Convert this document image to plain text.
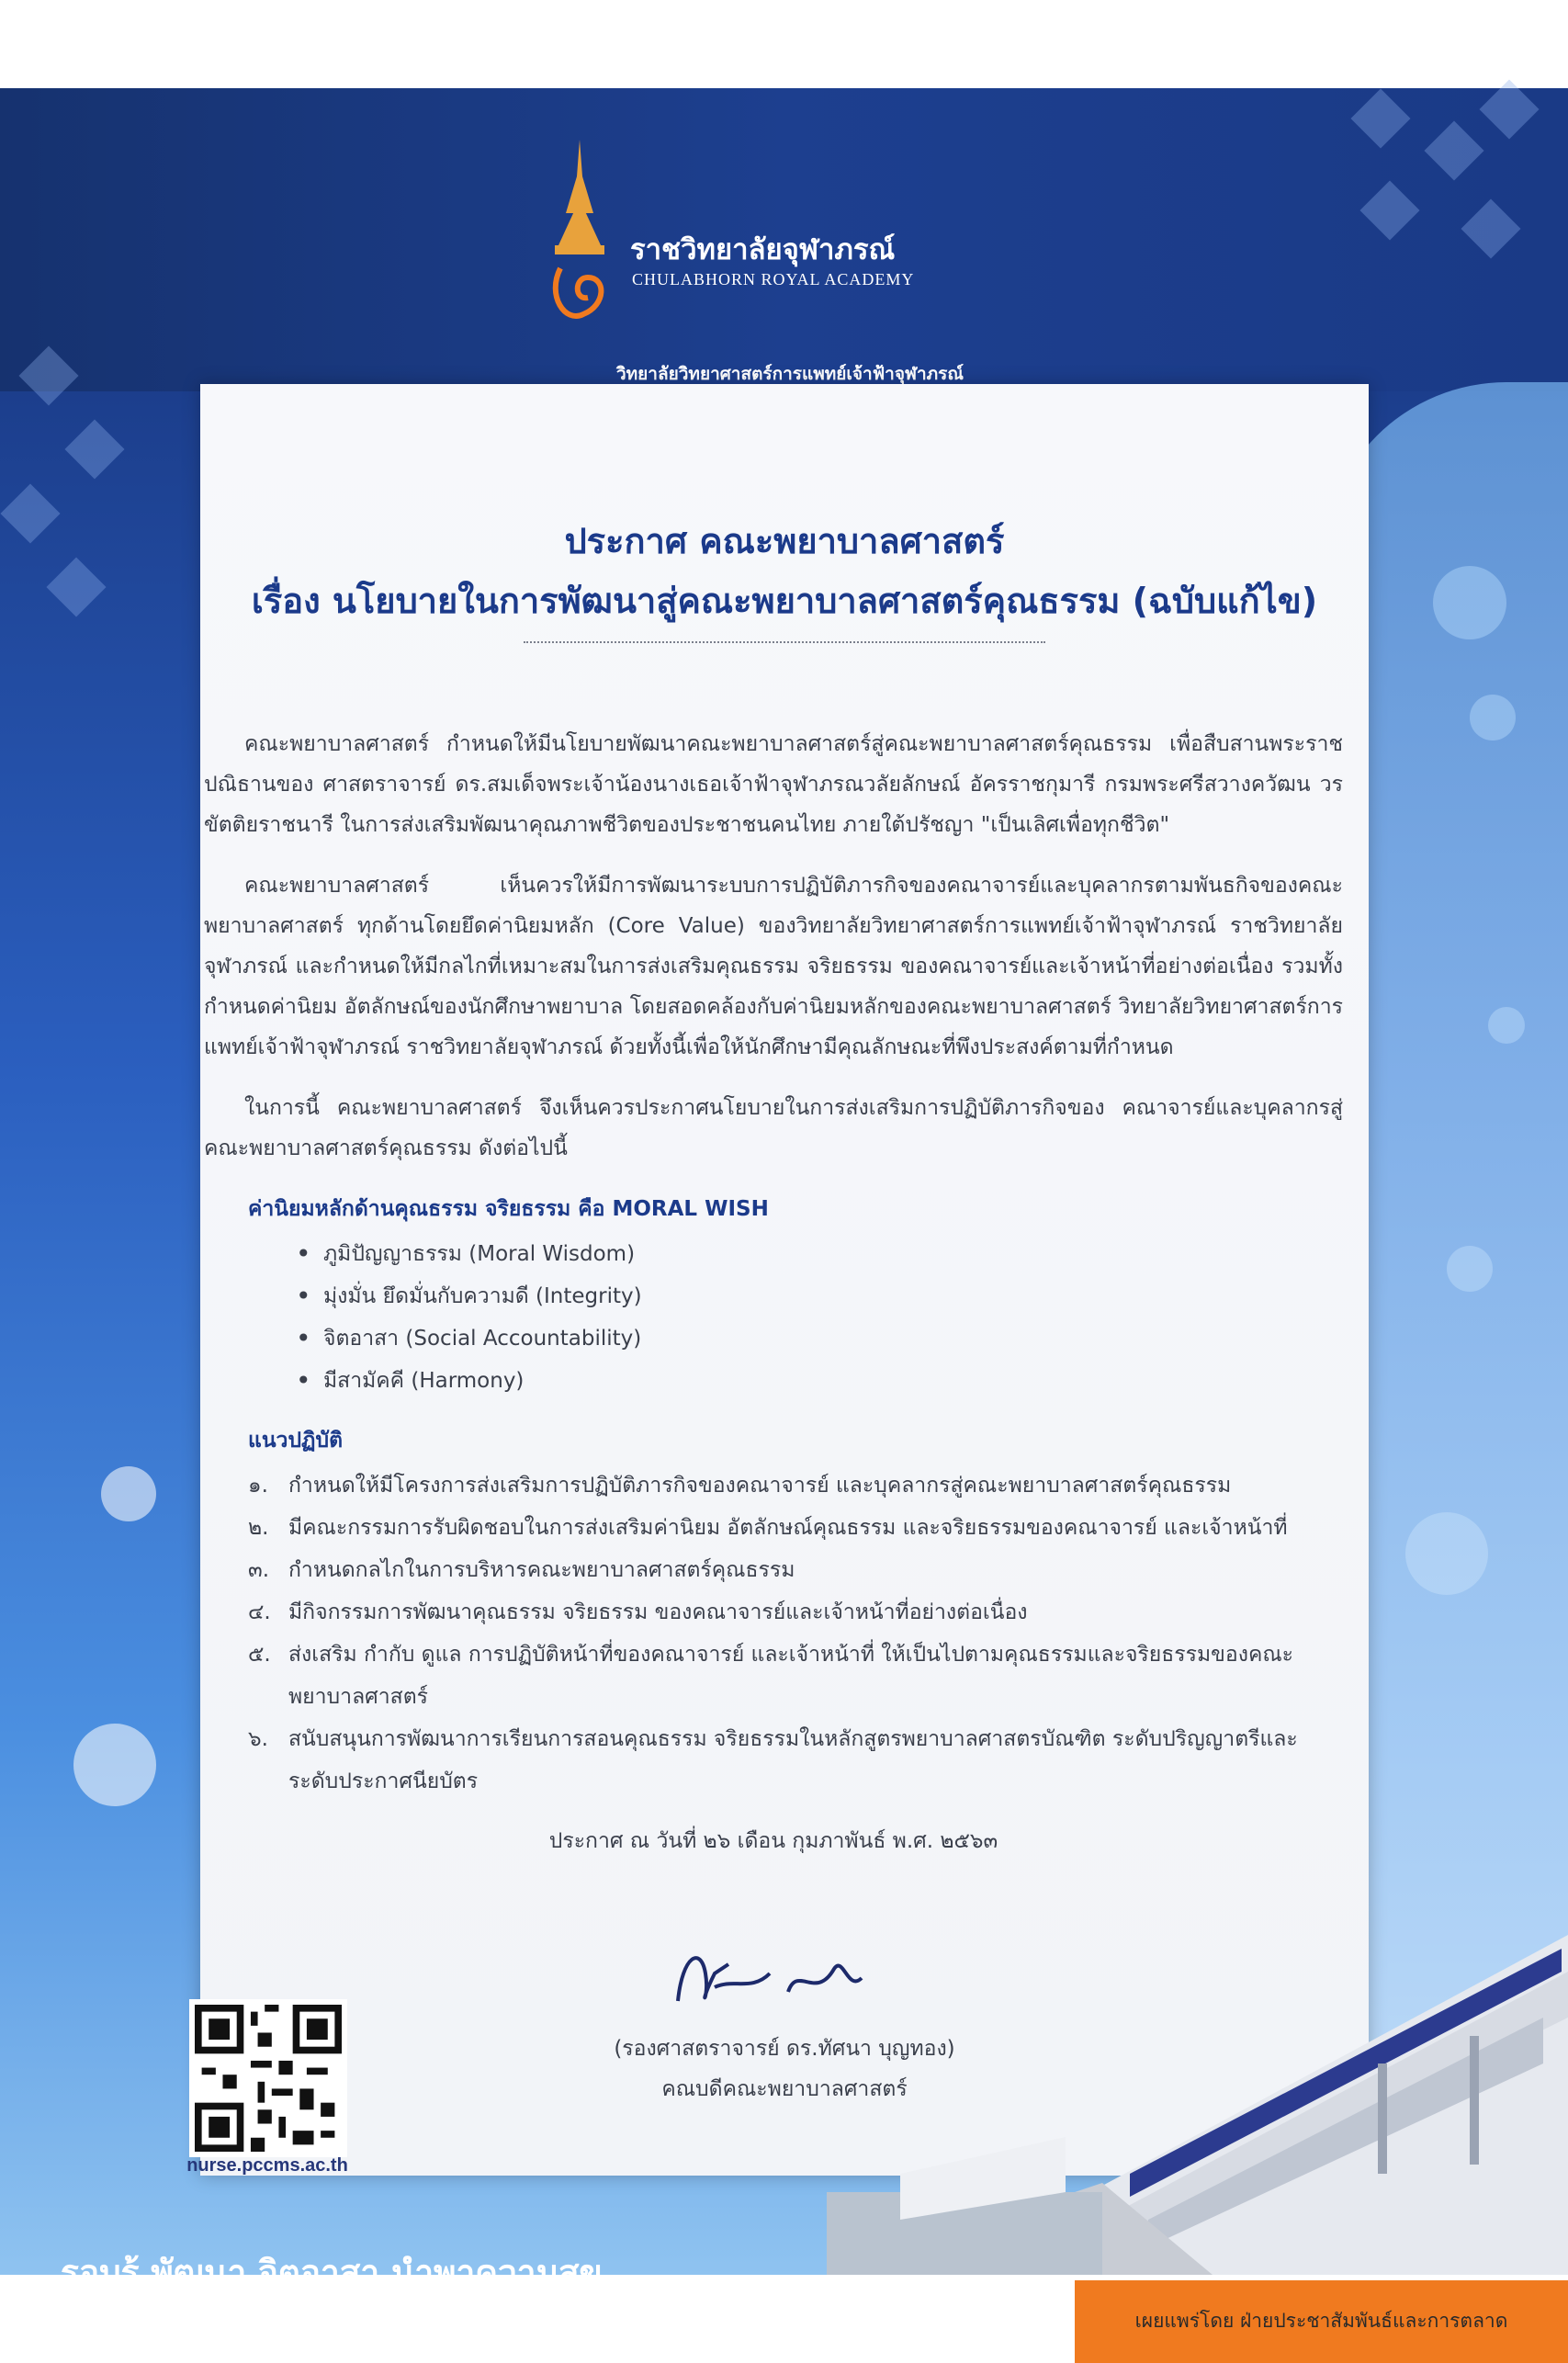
ราชวิทยาลัยจุฬาภรณ์
CHULABHORN ROYAL ACADEMY
วิทยาลัยวิทยาศาสตร์การแพทย์เจ้าฟ้าจุฬาภรณ์
ประกาศ คณะพยาบาลศาสตร์
เรื่อง นโยบายในการพัฒนาสู่คณะพยาบาลศาสตร์คุณธรรม (ฉบับแก้ไข)

คณะพยาบาลศาสตร์ กำหนดให้มีนโยบายพัฒนาคณะพยาบาลศาสตร์สู่คณะพยาบาลศาสตร์คุณธรรม เพื่อสืบสานพระราชปณิธานของ ศาสตราจารย์ ดร.สมเด็จพระเจ้าน้องนางเธอเจ้าฟ้าจุฬาภรณวลัยลักษณ์ อัครราชกุมารี กรมพระศรีสวางควัฒน วรขัตติยราชนารี ในการส่งเสริมพัฒนาคุณภาพชีวิตของประชาชนคนไทย ภายใต้ปรัชญา "เป็นเลิศเพื่อทุกชีวิต"

คณะพยาบาลศาสตร์ เห็นควรให้มีการพัฒนาระบบการปฏิบัติภารกิจของคณาจารย์และบุคลากรตามพันธกิจของคณะพยาบาลศาสตร์ ทุกด้านโดยยึดค่านิยมหลัก (Core Value) ของวิทยาลัยวิทยาศาสตร์การแพทย์เจ้าฟ้าจุฬาภรณ์ ราชวิทยาลัยจุฬาภรณ์ และกำหนดให้มีกลไกที่เหมาะสมในการส่งเสริมคุณธรรม จริยธรรม ของคณาจารย์และเจ้าหน้าที่อย่างต่อเนื่อง รวมทั้งกำหนดค่านิยม อัตลักษณ์ของนักศึกษาพยาบาล โดยสอดคล้องกับค่านิยมหลักของคณะพยาบาลศาสตร์ วิทยาลัยวิทยาศาสตร์การแพทย์เจ้าฟ้าจุฬาภรณ์ ราชวิทยาลัยจุฬาภรณ์ ด้วยทั้งนี้เพื่อให้นักศึกษามีคุณลักษณะที่พึงประสงค์ตามที่กำหนด

ในการนี้ คณะพยาบาลศาสตร์ จึงเห็นควรประกาศนโยบายในการส่งเสริมการปฏิบัติภารกิจของ คณาจารย์และบุคลากรสู่คณะพยาบาลศาสตร์คุณธรรม ดังต่อไปนี้

ค่านิยมหลักด้านคุณธรรม จริยธรรม คือ MORAL WISH
• ภูมิปัญญาธรรม (Moral Wisdom)
• มุ่งมั่น ยึดมั่นกับความดี (Integrity)
• จิตอาสา (Social Accountability)
• มีสามัคคี (Harmony)
แนวปฏิบัติ
๑. กำหนดให้มีโครงการส่งเสริมการปฏิบัติภารกิจของคณาจารย์ และบุคลากรสู่คณะพยาบาลศาสตร์คุณธรรม
๒. มีคณะกรรมการรับผิดชอบในการส่งเสริมค่านิยม อัตลักษณ์คุณธรรม และจริยธรรมของคณาจารย์ และเจ้าหน้าที่
๓. กำหนดกลไกในการบริหารคณะพยาบาลศาสตร์คุณธรรม
๔. มีกิจกรรมการพัฒนาคุณธรรม จริยธรรม ของคณาจารย์และเจ้าหน้าที่อย่างต่อเนื่อง
๕. ส่งเสริม กำกับ ดูแล การปฏิบัติหน้าที่ของคณาจารย์ และเจ้าหน้าที่ ให้เป็นไปตามคุณธรรมและจริยธรรมของคณะพยาบาลศาสตร์
๖. สนับสนุนการพัฒนาการเรียนการสอนคุณธรรม จริยธรรมในหลักสูตรพยาบาลศาสตรบัณฑิต ระดับปริญญาตรีและระดับประกาศนียบัตร
ประกาศ ณ วันที่ ๒๖ เดือน กุมภาพันธ์ พ.ศ. ๒๕๖๓
(รองศาสตราจารย์ ดร.ทัศนา บุญทอง)
คณบดีคณะพยาบาลศาสตร์
nurse.pccms.ac.th
รอบรู้ พัฒนา จิตอาสา นำพาความสุข
เผยแพร่โดย ฝ่ายประชาสัมพันธ์และการตลาด
